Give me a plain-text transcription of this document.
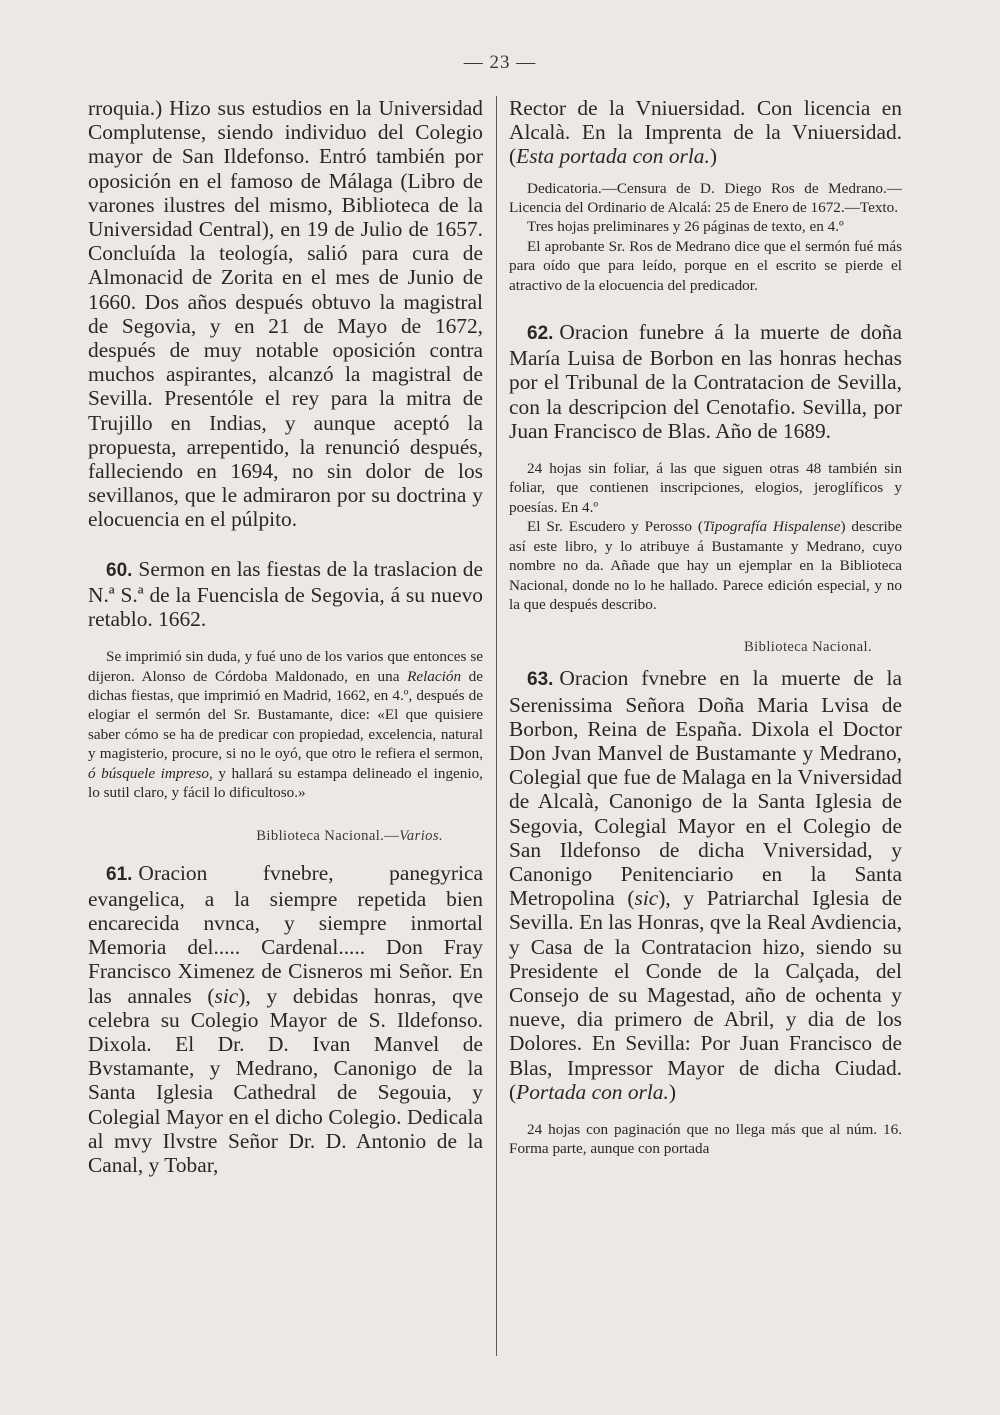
— 23 —

rroquia.) Hizo sus estudios en la Universidad Complutense, siendo individuo del Colegio mayor de San Ildefonso. Entró también por oposición en el famoso de Málaga (Libro de varones ilustres del mismo, Biblioteca de la Universidad Central), en 19 de Julio de 1657. Concluída la teología, salió para cura de Almonacid de Zorita en el mes de Junio de 1660. Dos años después obtuvo la magistral de Segovia, y en 21 de Mayo de 1672, después de muy notable oposición contra muchos aspirantes, alcanzó la magistral de Sevilla. Presentóle el rey para la mitra de Trujillo en Indias, y aunque aceptó la propuesta, arrepentido, la renunció después, falleciendo en 1694, no sin dolor de los sevillanos, que le admiraron por su doctrina y elocuencia en el púlpito.

60. Sermon en las fiestas de la traslacion de N.ª S.ª de la Fuencisla de Segovia, á su nuevo retablo. 1662.

Se imprimió sin duda, y fué uno de los varios que entonces se dijeron. Alonso de Córdoba Maldonado, en una Relación de dichas fiestas, que imprimió en Madrid, 1662, en 4.º, después de elogiar el sermón del Sr. Bustamante, dice: «El que quisiere saber cómo se ha de predicar con propiedad, excelencia, natural y magisterio, procure, si no le oyó, que otro le refiera el sermon, ó búsquele impreso, y hallará su estampa delineado el ingenio, lo sutil claro, y fácil lo dificultoso.»

Biblioteca Nacional.—Varios.

61. Oracion fvnebre, panegyrica evangelica, a la siempre repetida bien encarecida nvnca, y siempre inmortal Memoria del..... Cardenal..... Don Fray Francisco Ximenez de Cisneros mi Señor. En las annales (sic), y debidas honras, qve celebra su Colegio Mayor de S. Ildefonso. Dixola. El Dr. D. Ivan Manvel de Bvstamante, y Medrano, Canonigo de la Santa Iglesia Cathedral de Segouia, y Colegial Mayor en el dicho Colegio. Dedicala al mvy Ilvstre Señor Dr. D. Antonio de la Canal, y Tobar,

Rector de la Vniuersidad. Con licencia en Alcalà. En la Imprenta de la Vniuersidad. (Esta portada con orla.)

Dedicatoria.—Censura de D. Diego Ros de Medrano.—Licencia del Ordinario de Alcalá: 25 de Enero de 1672.—Texto.

Tres hojas preliminares y 26 páginas de texto, en 4.º

El aprobante Sr. Ros de Medrano dice que el sermón fué más para oído que para leído, porque en el escrito se pierde el atractivo de la elocuencia del predicador.

62. Oracion funebre á la muerte de doña María Luisa de Borbon en las honras hechas por el Tribunal de la Contratacion de Sevilla, con la descripcion del Cenotafio. Sevilla, por Juan Francisco de Blas. Año de 1689.

24 hojas sin foliar, á las que siguen otras 48 también sin foliar, que contienen inscripciones, elogios, jeroglíficos y poesías. En 4.º

El Sr. Escudero y Perosso (Tipografía Hispalense) describe así este libro, y lo atribuye á Bustamante y Medrano, cuyo nombre no da. Añade que hay un ejemplar en la Biblioteca Nacional, donde no lo he hallado. Parece edición especial, y no la que después describo.

Biblioteca Nacional.

63. Oracion fvnebre en la muerte de la Serenissima Señora Doña Maria Lvisa de Borbon, Reina de España. Dixola el Doctor Don Jvan Manvel de Bustamante y Medrano, Colegial que fue de Malaga en la Vniversidad de Alcalà, Canonigo de la Santa Iglesia de Segovia, Colegial Mayor en el Colegio de San Ildefonso de dicha Vniversidad, y Canonigo Penitenciario en la Santa Metropolina (sic), y Patriarchal Iglesia de Sevilla. En las Honras, qve la Real Avdiencia, y Casa de la Contratacion hizo, siendo su Presidente el Conde de la Calçada, del Consejo de su Magestad, año de ochenta y nueve, dia primero de Abril, y dia de los Dolores. En Sevilla: Por Juan Francisco de Blas, Impressor Mayor de dicha Ciudad. (Portada con orla.)

24 hojas con paginación que no llega más que al núm. 16. Forma parte, aunque con portada
